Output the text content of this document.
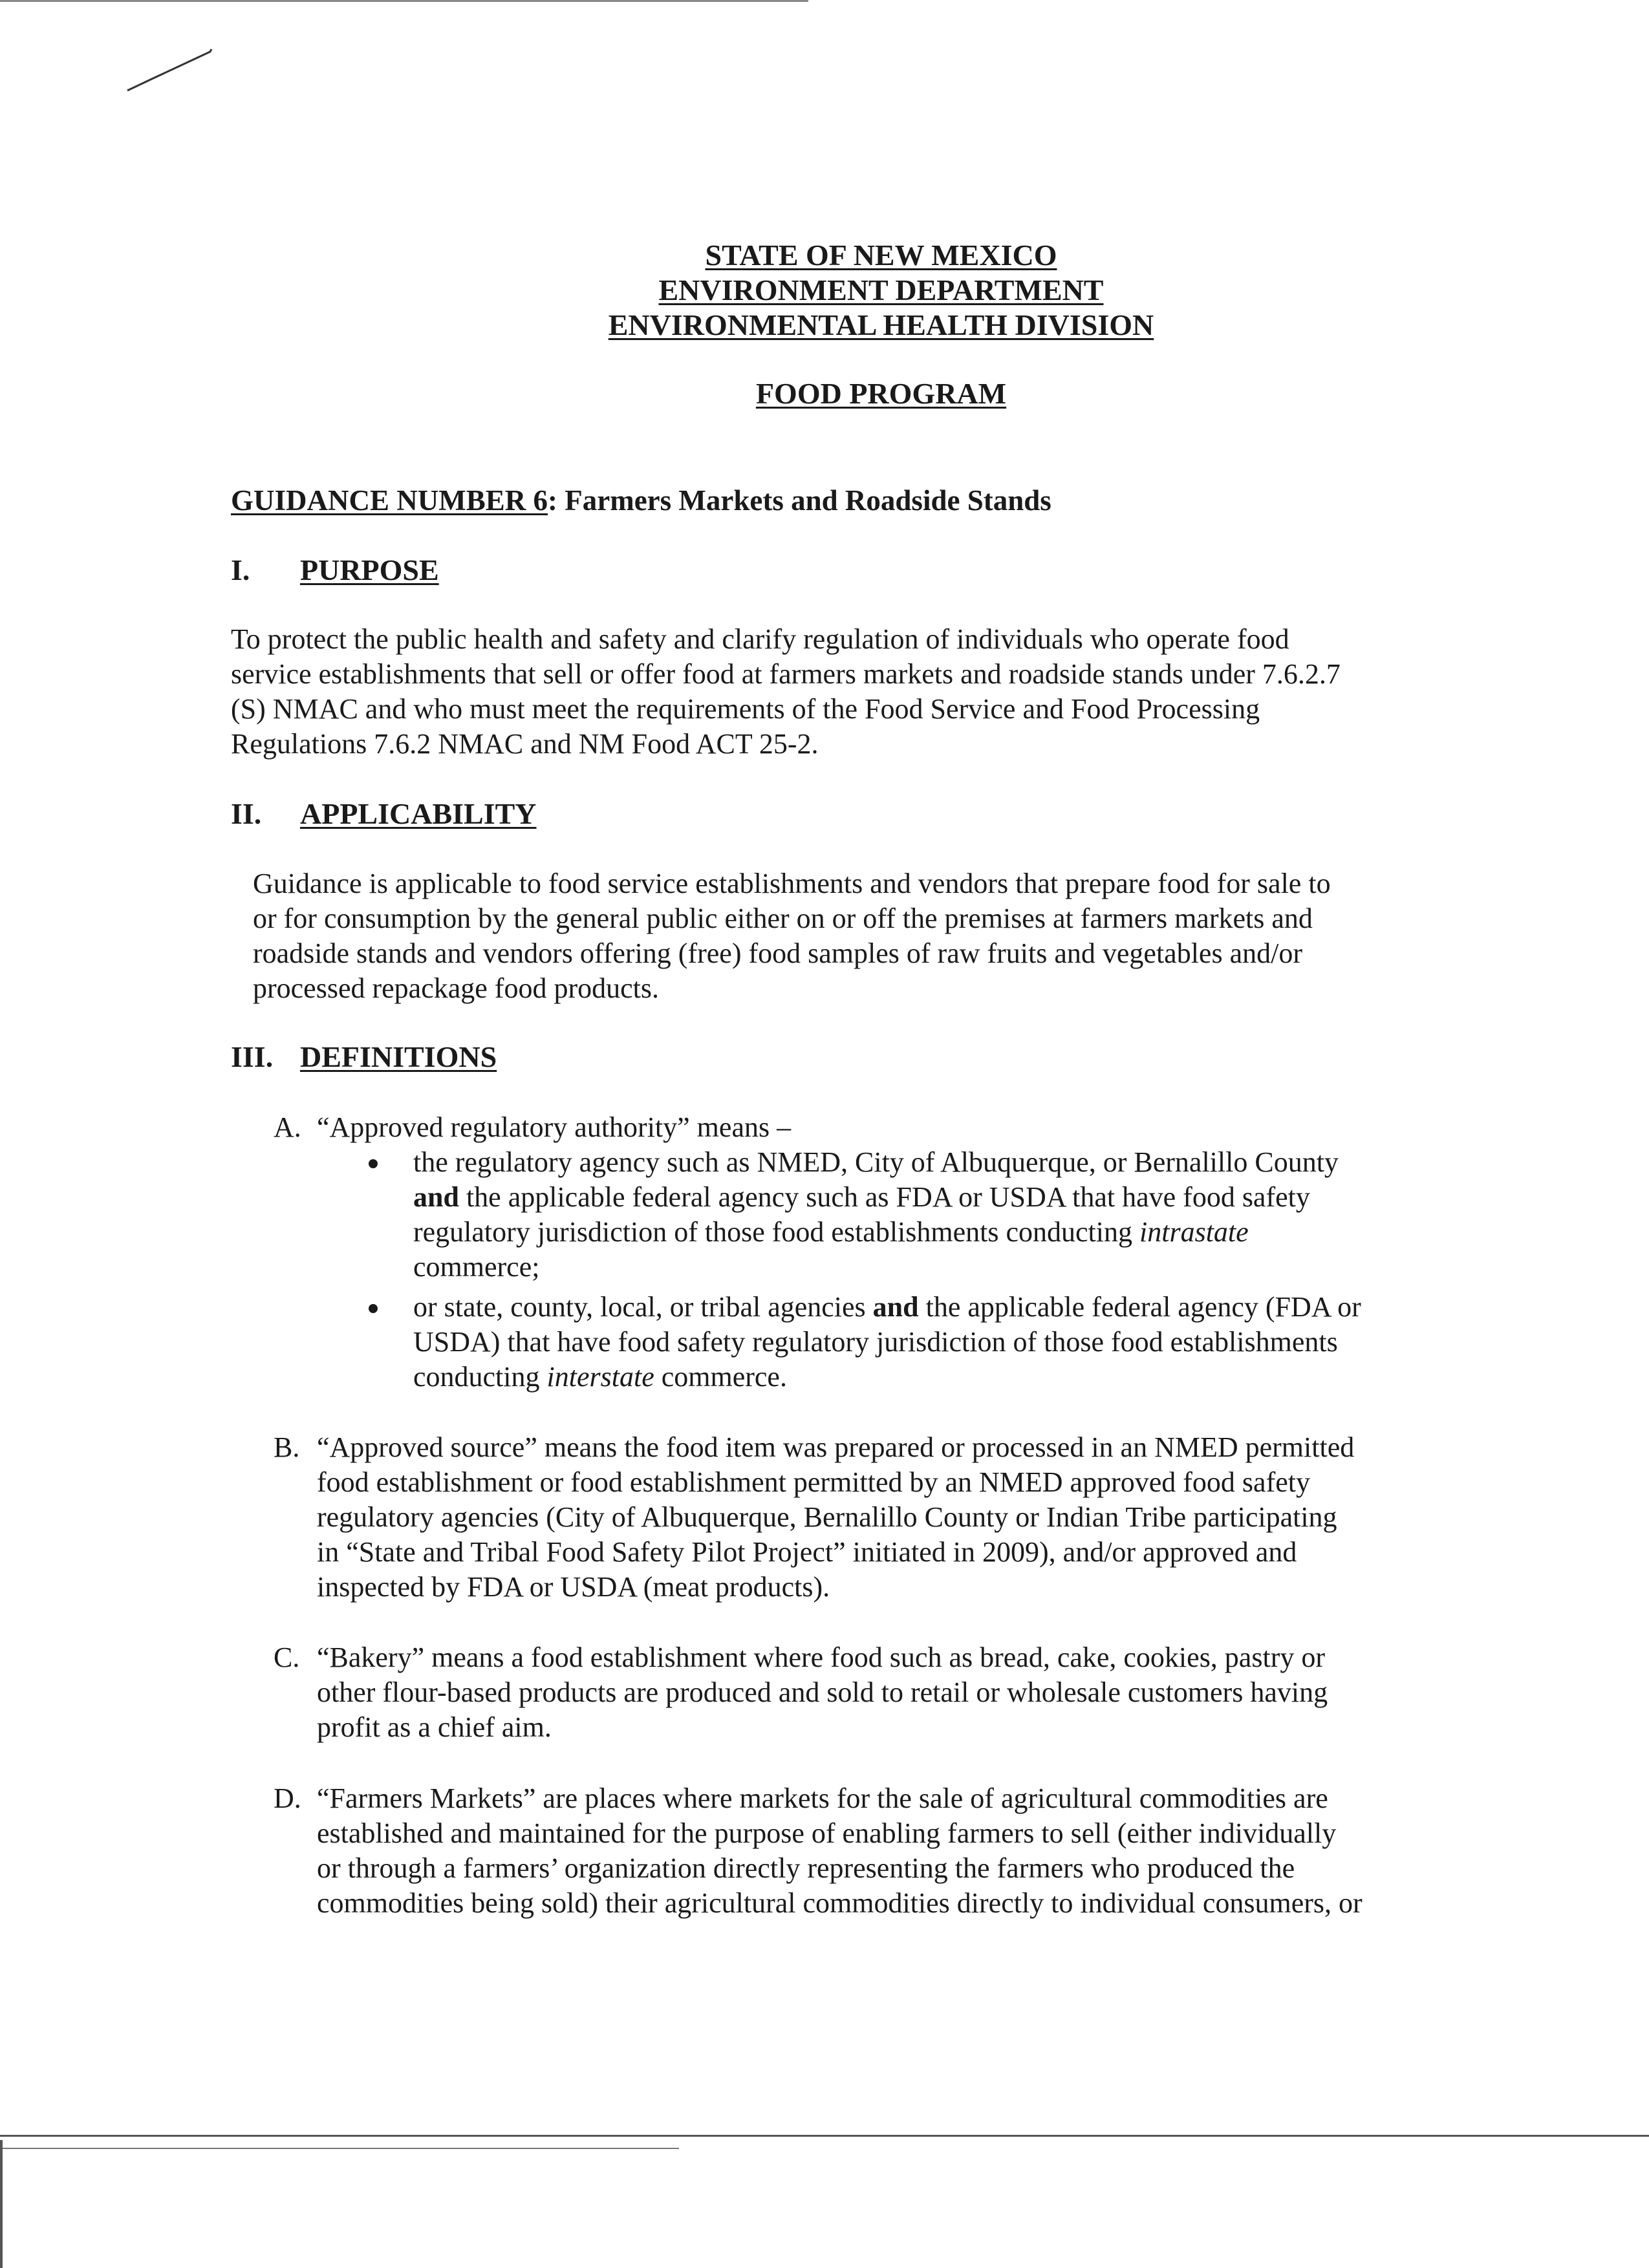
STATE OF NEW MEXICO
ENVIRONMENT DEPARTMENT
ENVIRONMENTAL HEALTH DIVISION
FOOD PROGRAM
GUIDANCE NUMBER 6: Farmers Markets and Roadside Stands
I. PURPOSE
To protect the public health and safety and clarify regulation of individuals who operate food
service establishments that sell or offer food at farmers markets and roadside stands under 7.6.2.7
(S) NMAC and who must meet the requirements of the Food Service and Food Processing
Regulations 7.6.2 NMAC and NM Food ACT 25-2.
II. APPLICABILITY
Guidance is applicable to food service establishments and vendors that prepare food for sale to
or for consumption by the general public either on or off the premises at farmers markets and
roadside stands and vendors offering (free) food samples of raw fruits and vegetables and/or
processed repackage food products.
III. DEFINITIONS
A. “Approved regulatory authority” means –
the regulatory agency such as NMED, City of Albuquerque, or Bernalillo County
and the applicable federal agency such as FDA or USDA that have food safety
regulatory jurisdiction of those food establishments conducting intrastate
commerce;
or state, county, local, or tribal agencies and the applicable federal agency (FDA or
USDA) that have food safety regulatory jurisdiction of those food establishments
conducting interstate commerce.
B. “Approved source” means the food item was prepared or processed in an NMED permitted
food establishment or food establishment permitted by an NMED approved food safety
regulatory agencies (City of Albuquerque, Bernalillo County or Indian Tribe participating
in “State and Tribal Food Safety Pilot Project” initiated in 2009), and/or approved and
inspected by FDA or USDA (meat products).
C. “Bakery” means a food establishment where food such as bread, cake, cookies, pastry or
other flour-based products are produced and sold to retail or wholesale customers having
profit as a chief aim.
D. “Farmers Markets” are places where markets for the sale of agricultural commodities are
established and maintained for the purpose of enabling farmers to sell (either individually
or through a farmers’ organization directly representing the farmers who produced the
commodities being sold) their agricultural commodities directly to individual consumers, or
